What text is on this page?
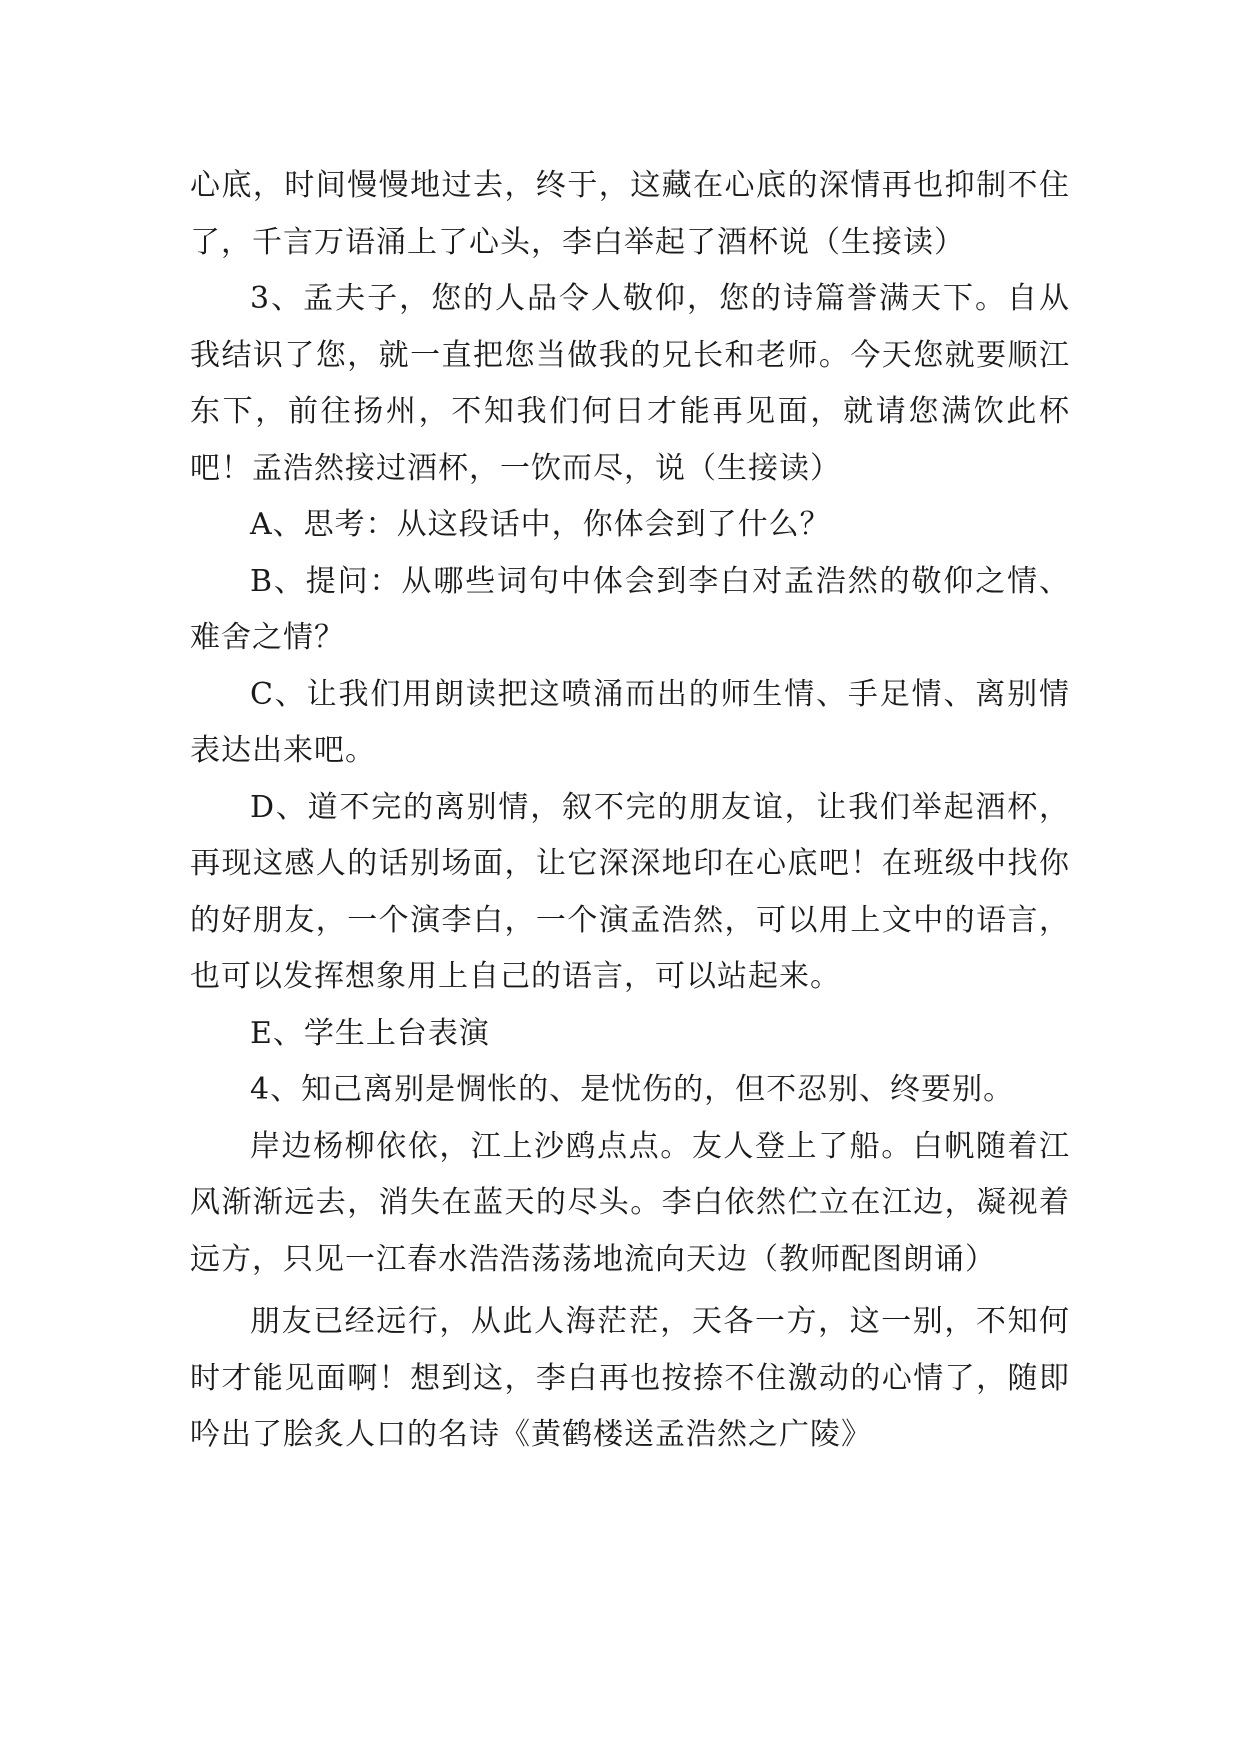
心底，时间慢慢地过去，终于，这藏在心底的深情再也抑制不住了，千言万语涌上了心头，李白举起了酒杯说（生接读）

3、孟夫子，您的人品令人敬仰，您的诗篇誉满天下。自从我结识了您，就一直把您当做我的兄长和老师。今天您就要顺江东下，前往扬州，不知我们何日才能再见面，就请您满饮此杯吧！孟浩然接过酒杯，一饮而尽，说（生接读）

A、思考：从这段话中，你体会到了什么？

B、提问：从哪些词句中体会到李白对孟浩然的敬仰之情、难舍之情？

C、让我们用朗读把这喷涌而出的师生情、手足情、离别情表达出来吧。

D、道不完的离别情，叙不完的朋友谊，让我们举起酒杯，再现这感人的话别场面，让它深深地印在心底吧！在班级中找你的好朋友，一个演李白，一个演孟浩然，可以用上文中的语言，也可以发挥想象用上自己的语言，可以站起来。

E、学生上台表演

4、知己离别是惆怅的、是忧伤的，但不忍别、终要别。

岸边杨柳依依，江上沙鸥点点。友人登上了船。白帆随着江风渐渐远去，消失在蓝天的尽头。李白依然伫立在江边，凝视着远方，只见一江春水浩浩荡荡地流向天边（教师配图朗诵）

朋友已经远行，从此人海茫茫，天各一方，这一别，不知何时才能见面啊！想到这，李白再也按捺不住激动的心情了，随即吟出了脍炙人口的名诗《黄鹤楼送孟浩然之广陵》
